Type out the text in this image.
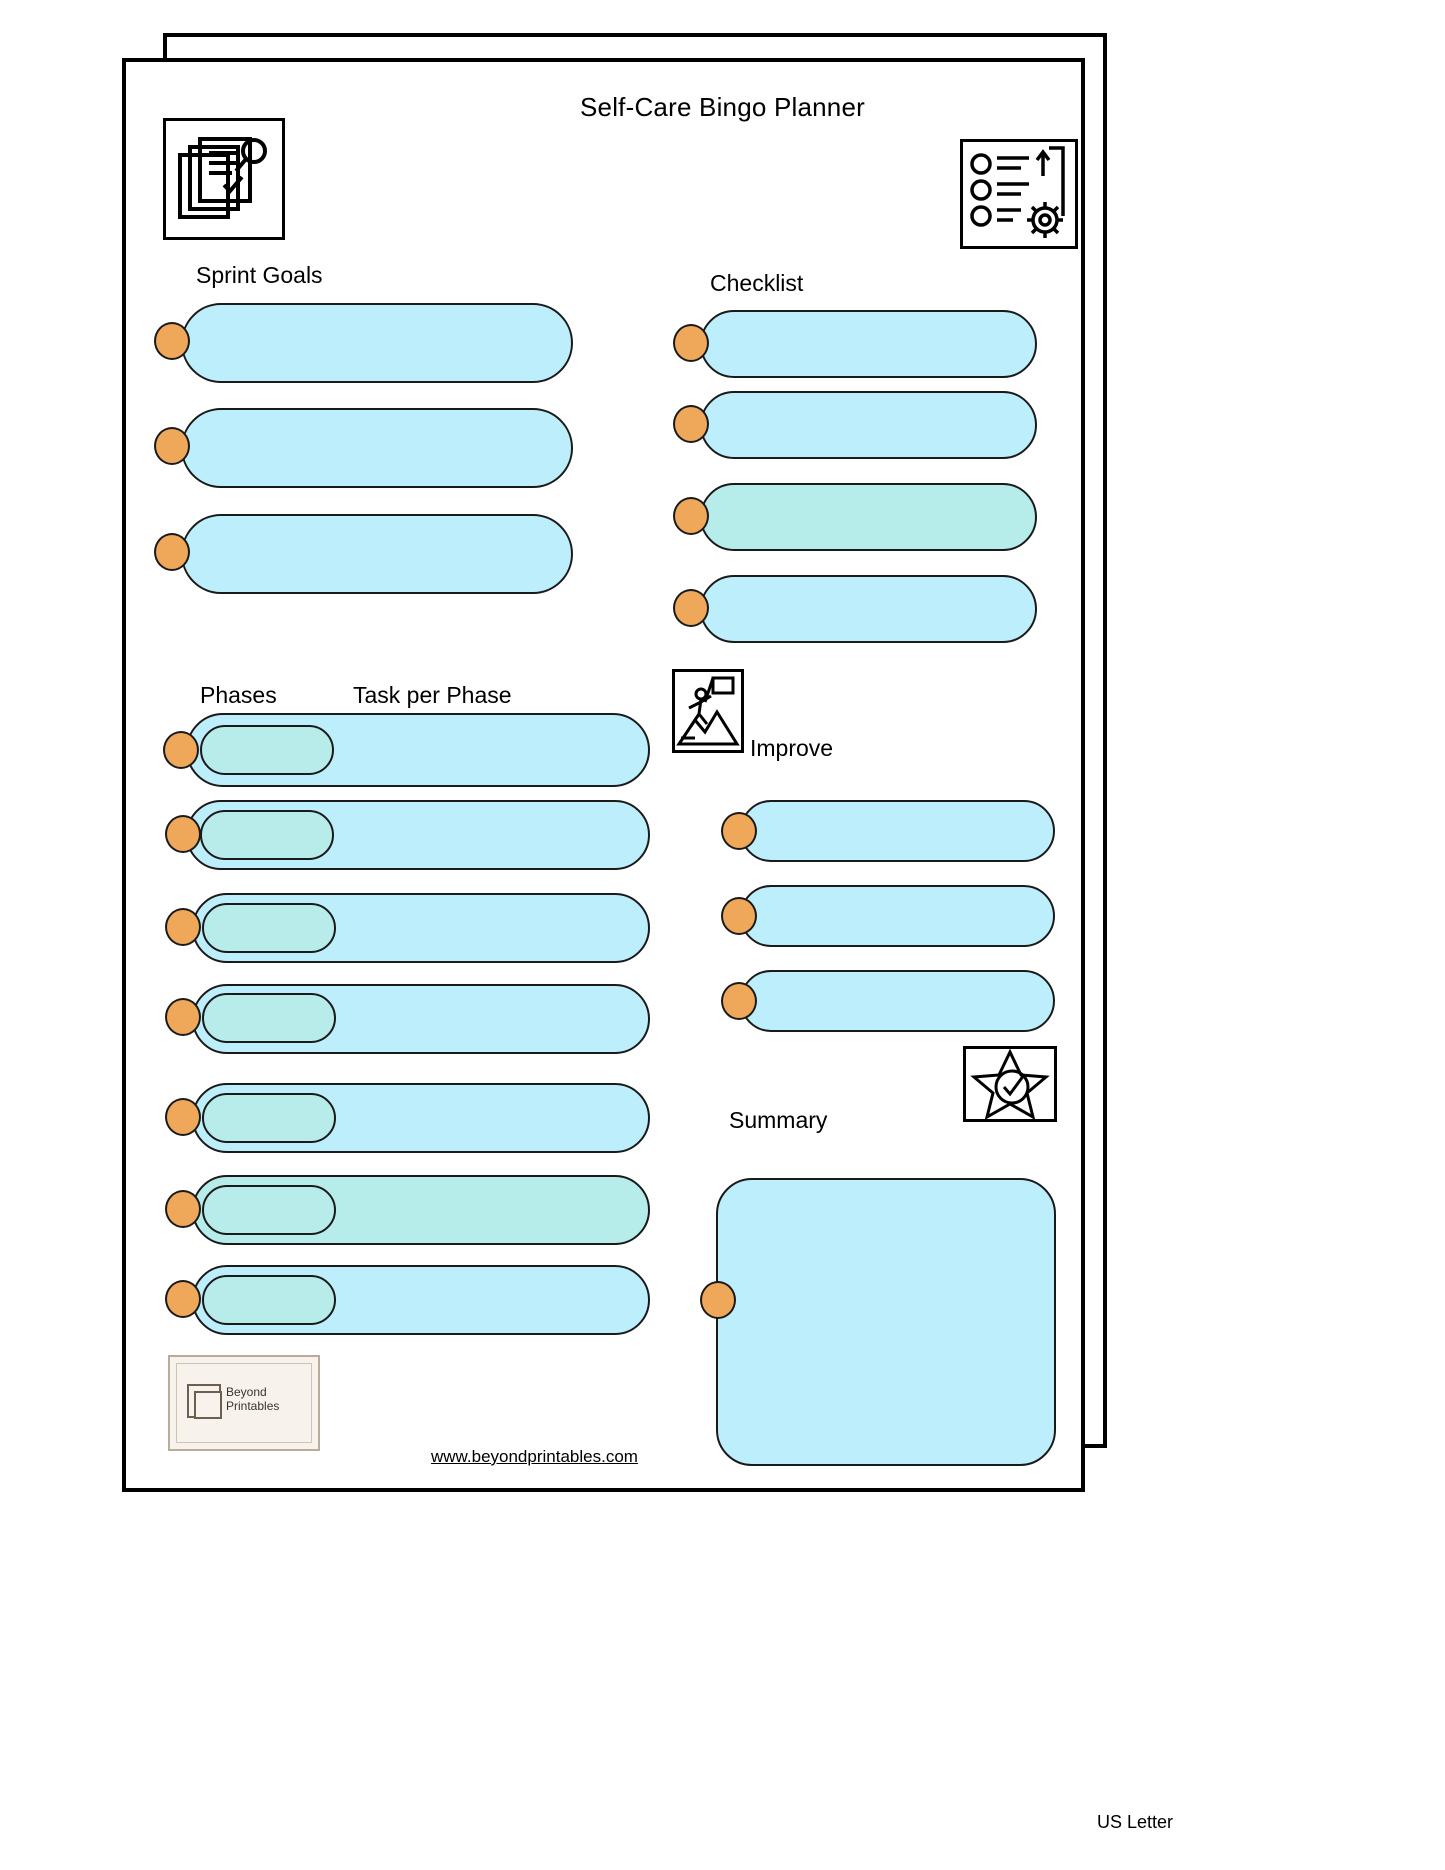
Self-Care Bingo Planner
Sprint Goals	Checklist
Phases	Task per Phase
Improve
Summary
Beyond
Printables
www.beyondprintables.com
US Letter
